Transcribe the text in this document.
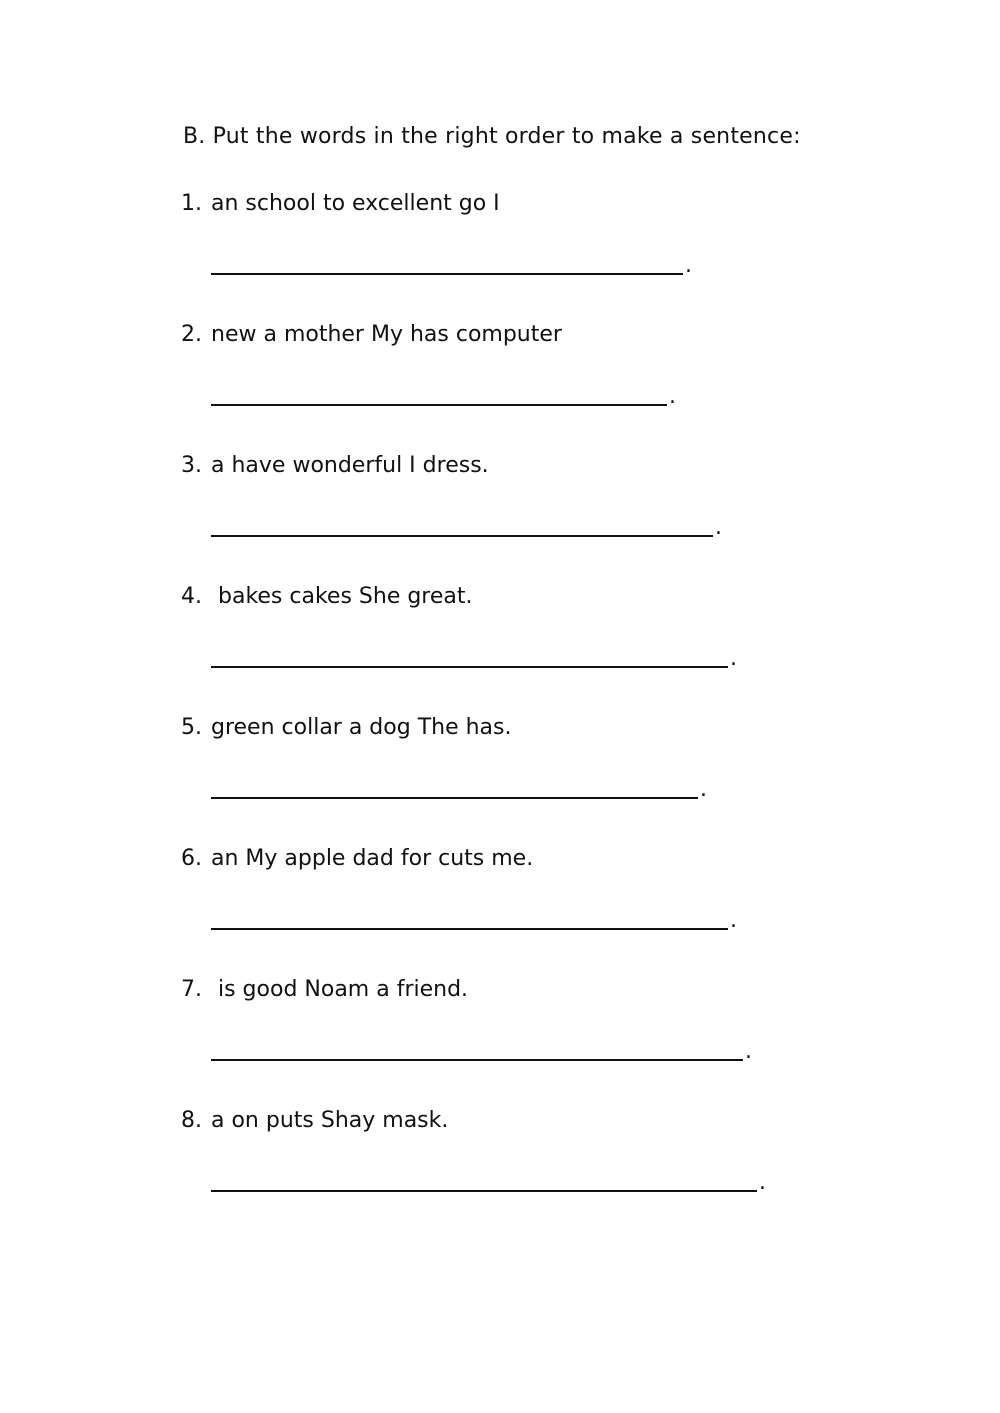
B. Put the words in the right order to make a sentence:
1. an school to excellent go I
.
2. new a mother My has computer
.
3. a have wonderful I dress.
.
4. bakes cakes She great.
.
5. green collar a dog The has.
.
6. an My apple dad for cuts me.
.
7. is good Noam a friend.
.
8. a on puts Shay mask.
.
